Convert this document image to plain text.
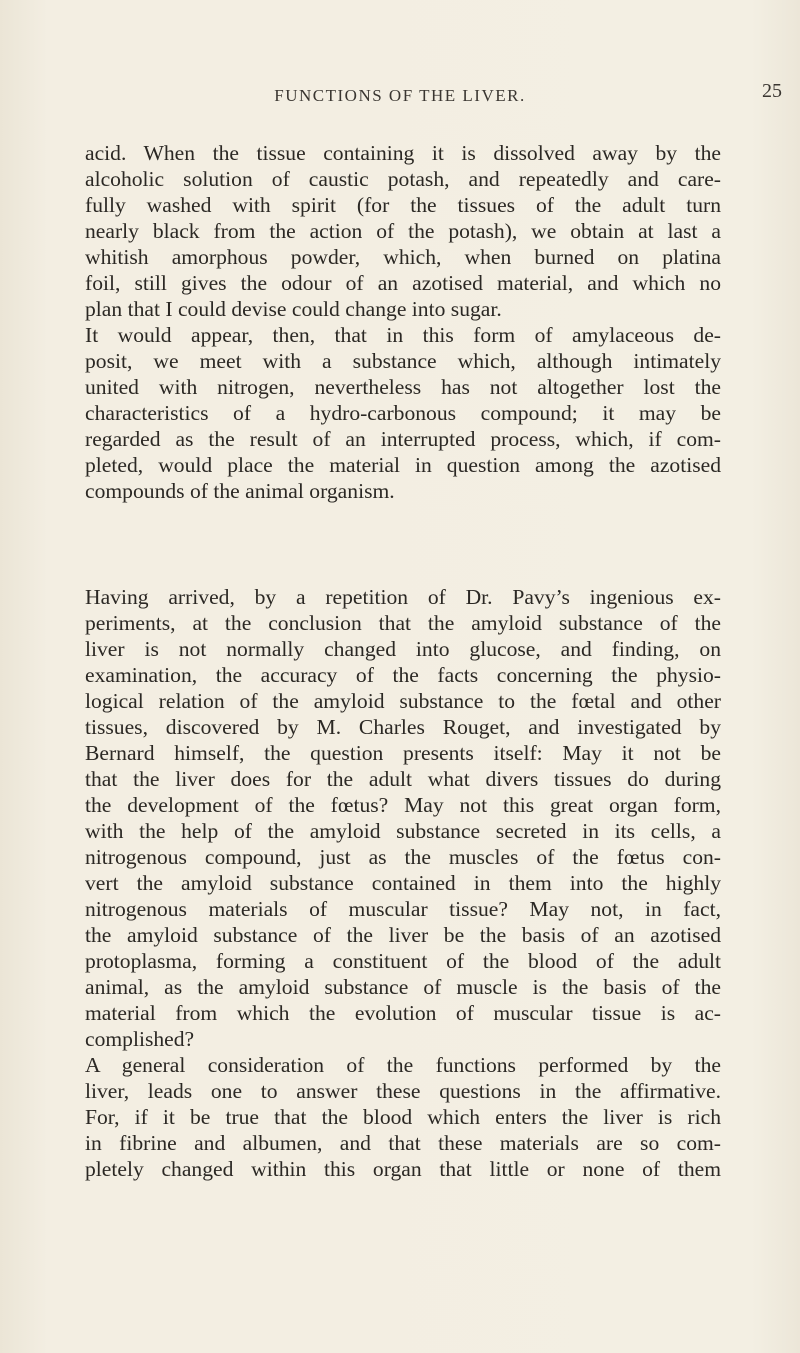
FUNCTIONS OF THE LIVER.	25
acid. When the tissue containing it is dissolved away by the
alcoholic solution of caustic potash, and repeatedly and care-
fully washed with spirit (for the tissues of the adult turn
nearly black from the action of the potash), we obtain at last a
whitish amorphous powder, which, when burned on platina
foil, still gives the odour of an azotised material, and which no
plan that I could devise could change into sugar.
It would appear, then, that in this form of amylaceous de-
posit, we meet with a substance which, although intimately
united with nitrogen, nevertheless has not altogether lost the
characteristics of a hydro-carbonous compound; it may be
regarded as the result of an interrupted process, which, if com-
pleted, would place the material in question among the azotised
compounds of the animal organism.
Having arrived, by a repetition of Dr. Pavy’s ingenious ex-
periments, at the conclusion that the amyloid substance of the
liver is not normally changed into glucose, and finding, on
examination, the accuracy of the facts concerning the physio-
logical relation of the amyloid substance to the fœtal and other
tissues, discovered by M. Charles Rouget, and investigated by
Bernard himself, the question presents itself: May it not be
that the liver does for the adult what divers tissues do during
the development of the fœtus? May not this great organ form,
with the help of the amyloid substance secreted in its cells, a
nitrogenous compound, just as the muscles of the fœtus con-
vert the amyloid substance contained in them into the highly
nitrogenous materials of muscular tissue? May not, in fact,
the amyloid substance of the liver be the basis of an azotised
protoplasma, forming a constituent of the blood of the adult
animal, as the amyloid substance of muscle is the basis of the
material from which the evolution of muscular tissue is ac-
complished?
A general consideration of the functions performed by the
liver, leads one to answer these questions in the affirmative.
For, if it be true that the blood which enters the liver is rich
in fibrine and albumen, and that these materials are so com-
pletely changed within this organ that little or none of them
